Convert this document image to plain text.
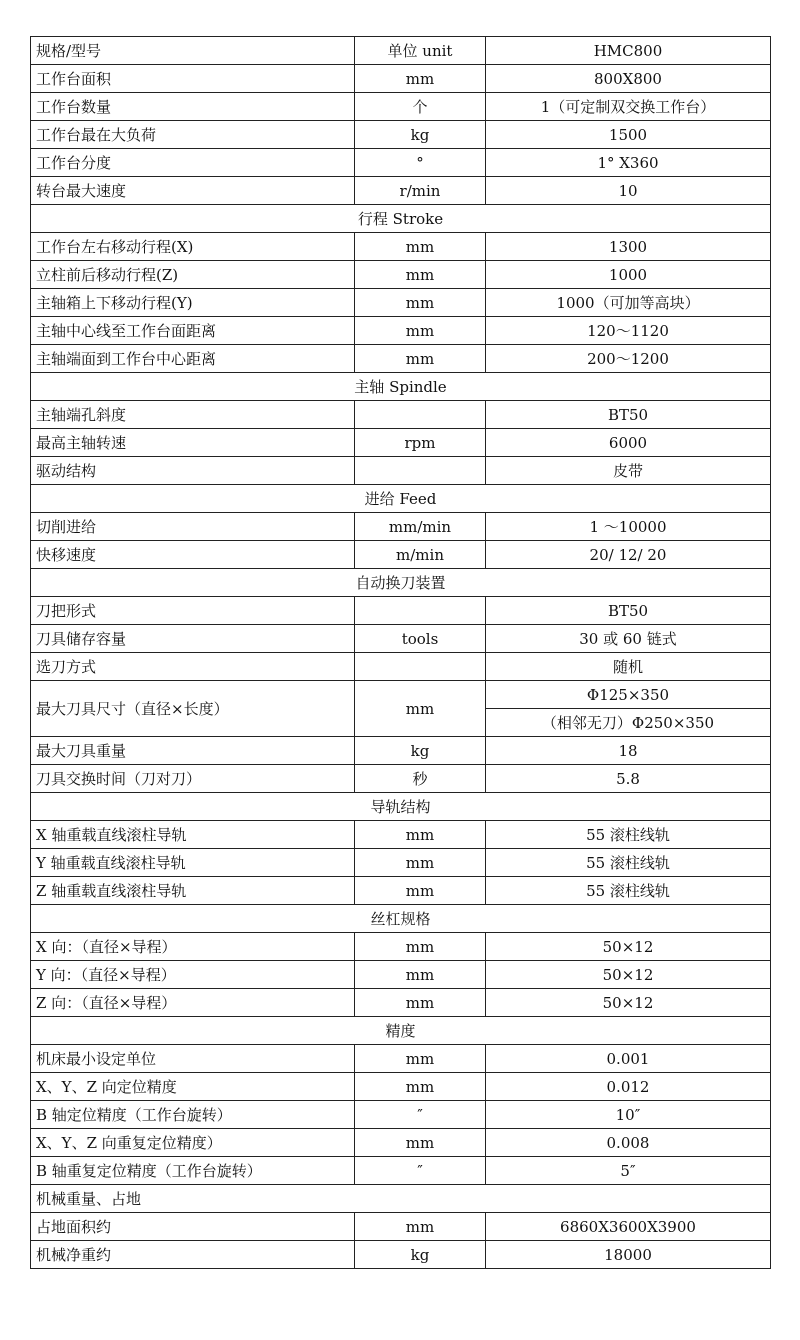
规格/型号	单位 unit	HMC800
工作台面积	mm	800X800
工作台数量	个	1（可定制双交换工作台）
工作台最在大负荷	kg	1500
工作台分度	°	1° X360
转台最大速度	r/min	10
行程 Stroke		
工作台左右移动行程(X)	mm	1300
立柱前后移动行程(Z)	mm	1000
主轴箱上下移动行程(Y)	mm	1000（可加等高块）
主轴中心线至工作台面距离	mm	120～1120
主轴端面到工作台中心距离	mm	200～1200
主轴 Spindle		
主轴端孔斜度		BT50
最高主轴转速	rpm	6000
驱动结构		皮带
进给 Feed		
切削进给	mm/min	1 ～10000
快移速度	m/min	20/ 12/ 20
自动换刀装置		
刀把形式		BT50
刀具储存容量	tools	30 或 60 链式
选刀方式		随机
最大刀具尺寸（直径×长度）	mm	Φ125×350
		（相邻无刀）Φ250×350
最大刀具重量	kg	18
刀具交换时间（刀对刀）	秒	5.8
导轨结构		
X 轴重载直线滚柱导轨	mm	55 滚柱线轨
Y 轴重载直线滚柱导轨	mm	55 滚柱线轨
Z 轴重载直线滚柱导轨	mm	55 滚柱线轨
丝杠规格		
X 向：（直径×导程）	mm	50×12
Y 向：（直径×导程）	mm	50×12
Z 向：（直径×导程）	mm	50×12
精度		
机床最小设定单位	mm	0.001
X、Y、Z 向定位精度	mm	0.012
B 轴定位精度（工作台旋转）	″	10″
X、Y、Z 向重复定位精度）	mm	0.008
B 轴重复定位精度（工作台旋转）	″	5″
机械重量、占地		
占地面积约	mm	6860X3600X3900
机械净重约	kg	18000
